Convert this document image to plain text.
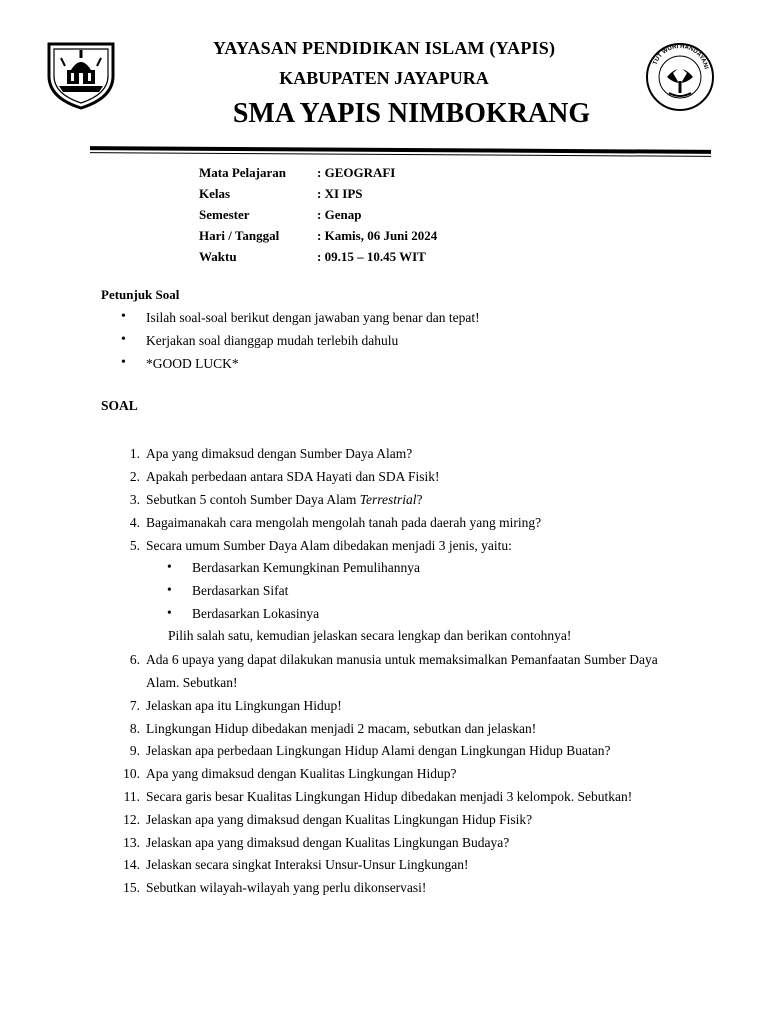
TUT WURI HANDAYANI
YAYASAN PENDIDIKAN ISLAM (YAPIS)
KABUPATEN JAYAPURA
SMA YAPIS NIMBOKRANG
Mata Pelajaran	: GEOGRAFI
Kelas	: XI IPS
Semester	: Genap
Hari / Tanggal	: Kamis, 06 Juni 2024
Waktu	: 09.15 – 10.45 WIT
Petunjuk Soal
• Isilah soal-soal berikut dengan jawaban yang benar dan tepat!
• Kerjakan soal dianggap mudah terlebih dahulu
• *GOOD LUCK*
SOAL
1. Apa yang dimaksud dengan Sumber Daya Alam?
2. Apakah perbedaan antara SDA Hayati dan SDA Fisik!
3. Sebutkan 5 contoh Sumber Daya Alam Terrestrial?
4. Bagaimanakah cara mengolah mengolah tanah pada daerah yang miring?
5. Secara umum Sumber Daya Alam dibedakan menjadi 3 jenis, yaitu:
• Berdasarkan Kemungkinan Pemulihannya
• Berdasarkan Sifat
• Berdasarkan Lokasinya
Pilih salah satu, kemudian jelaskan secara lengkap dan berikan contohnya!
6. Ada 6 upaya yang dapat dilakukan manusia untuk memaksimalkan Pemanfaatan Sumber Daya
Alam. Sebutkan!
7. Jelaskan apa itu Lingkungan Hidup!
8. Lingkungan Hidup dibedakan menjadi 2 macam, sebutkan dan jelaskan!
9. Jelaskan apa perbedaan Lingkungan Hidup Alami dengan Lingkungan Hidup Buatan?
10. Apa yang dimaksud dengan Kualitas Lingkungan Hidup?
11. Secara garis besar Kualitas Lingkungan Hidup dibedakan menjadi 3 kelompok. Sebutkan!
12. Jelaskan apa yang dimaksud dengan Kualitas Lingkungan Hidup Fisik?
13. Jelaskan apa yang dimaksud dengan Kualitas Lingkungan Budaya?
14. Jelaskan secara singkat Interaksi Unsur-Unsur Lingkungan!
15. Sebutkan wilayah-wilayah yang perlu dikonservasi!
